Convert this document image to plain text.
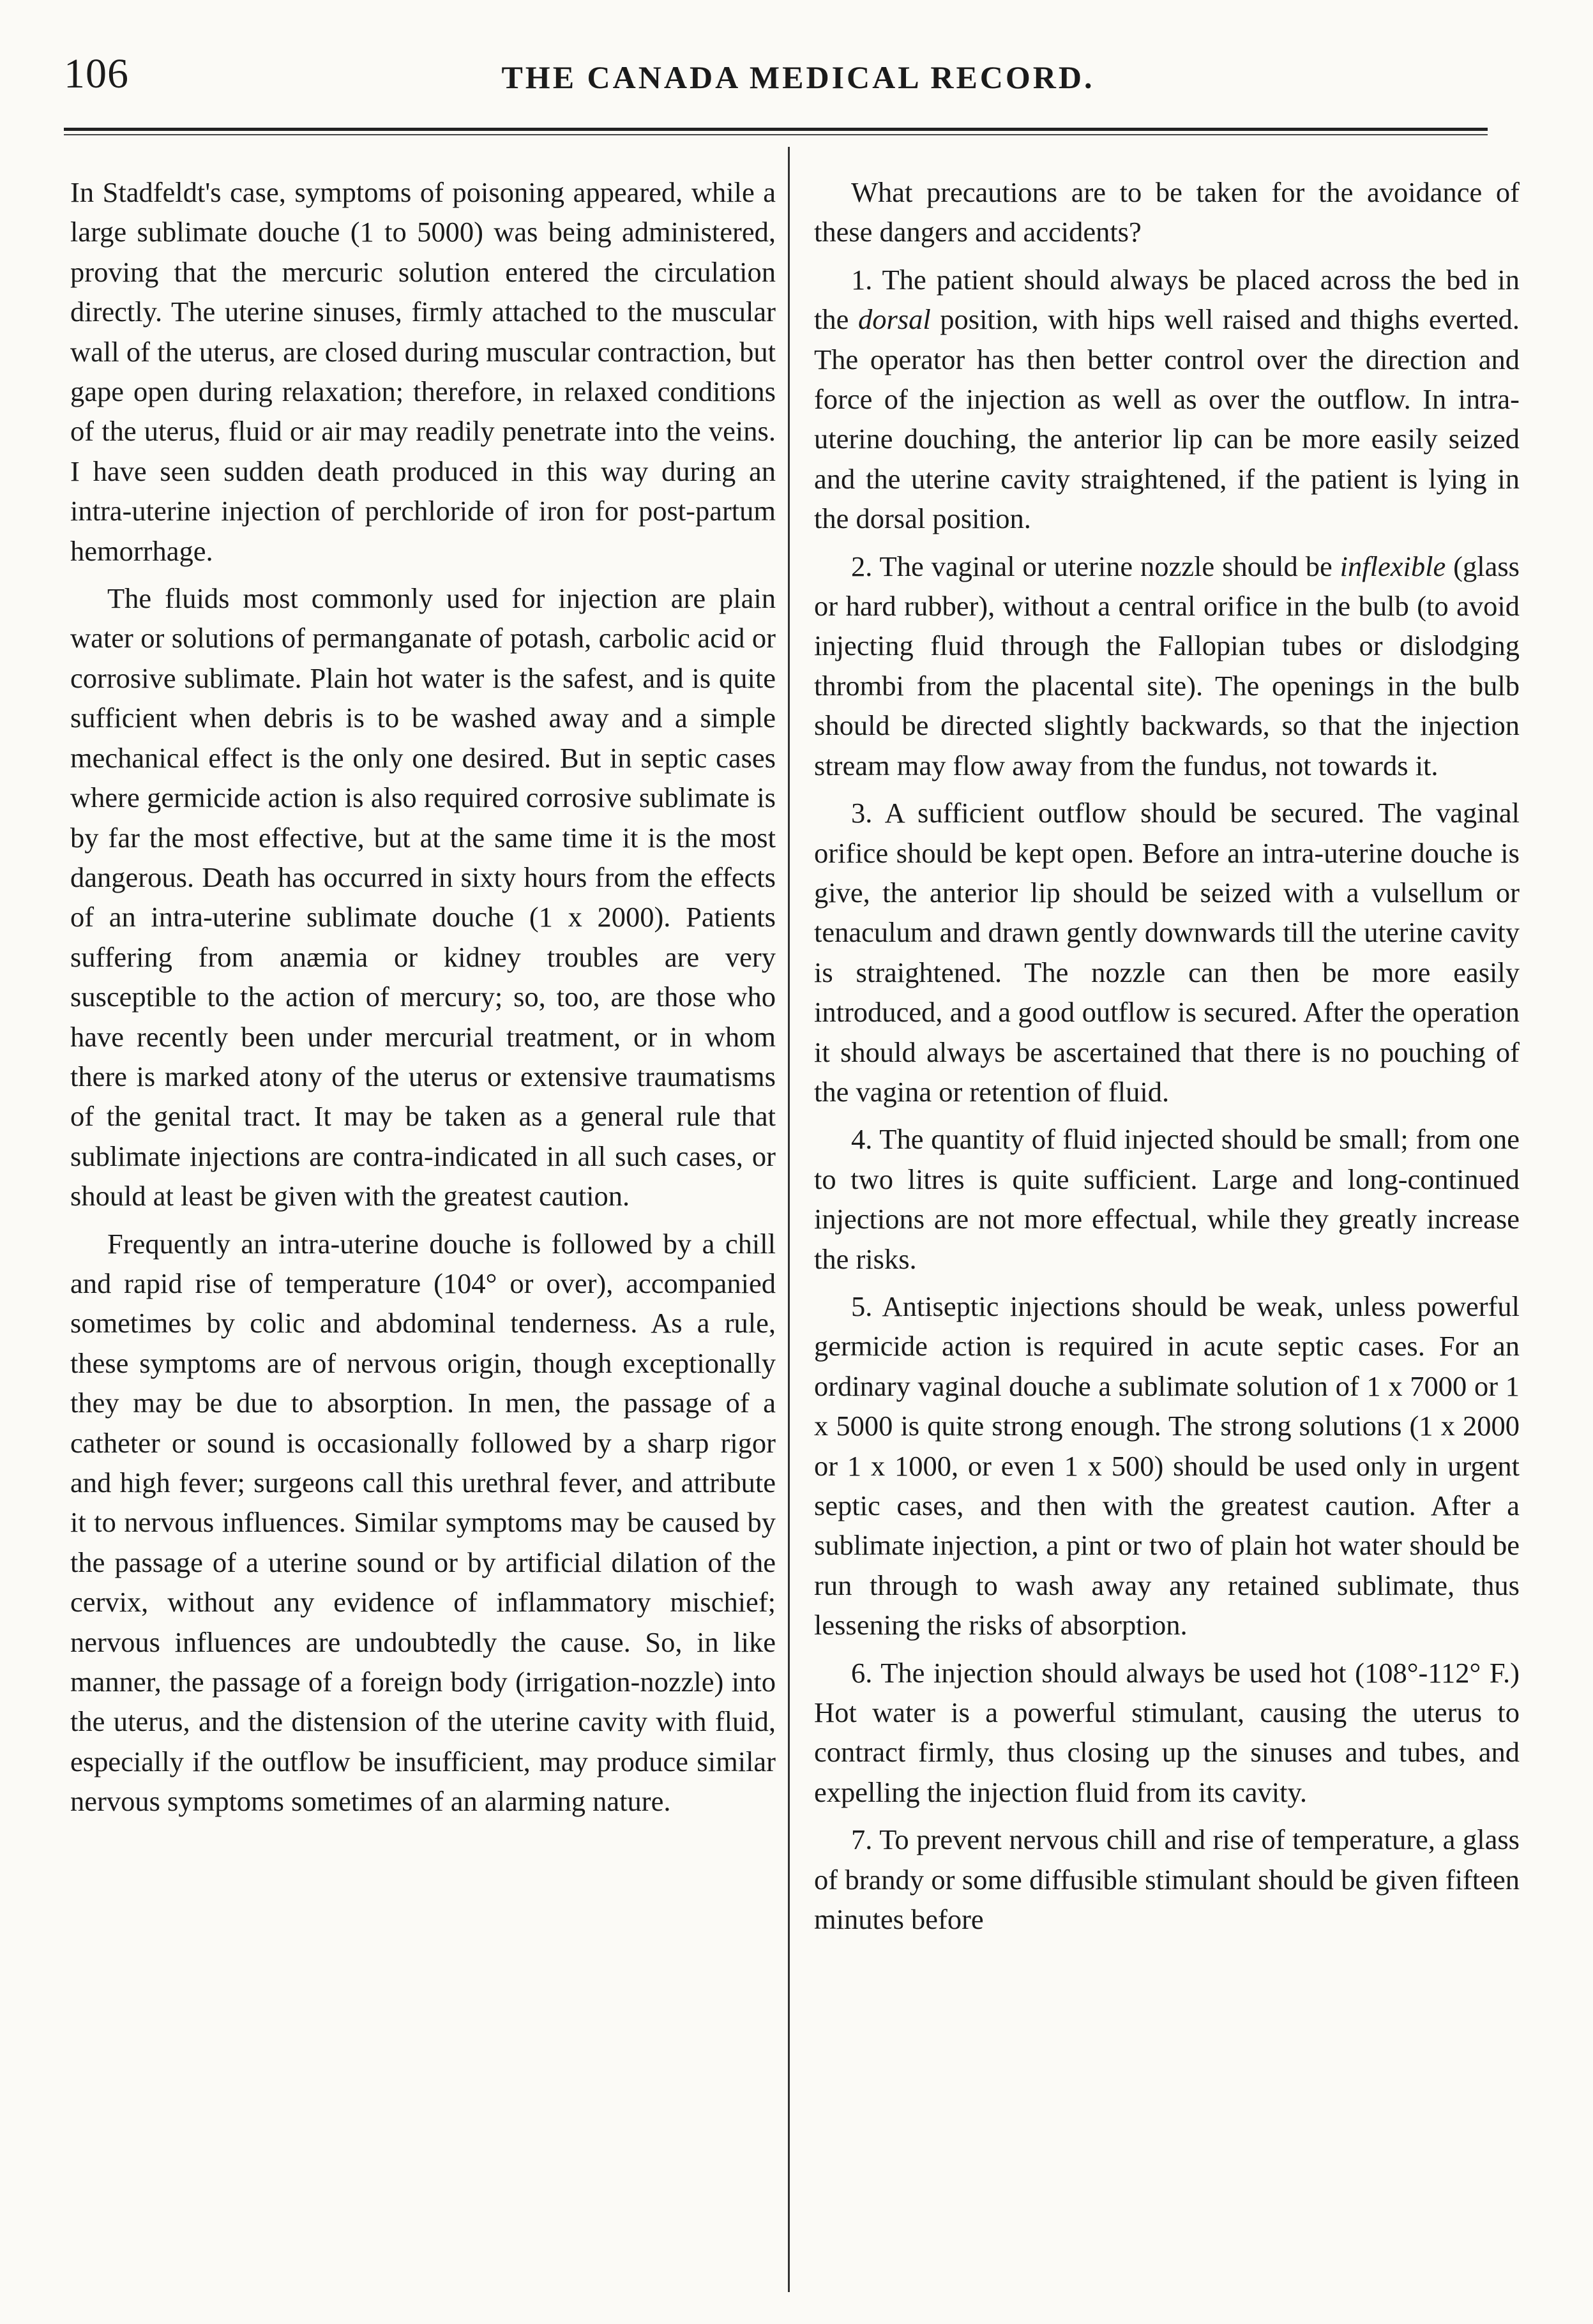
106	THE CANADA MEDICAL RECORD.

In Stadfeldt's case, symptoms of poisoning appeared, while a large sublimate douche (1 to 5000) was being administered, proving that the mercuric solution entered the circulation directly. The uterine sinuses, firmly attached to the muscular wall of the uterus, are closed during muscular contraction, but gape open during relaxation; therefore, in relaxed conditions of the uterus, fluid or air may readily penetrate into the veins. I have seen sudden death produced in this way during an intra-uterine injection of perchloride of iron for post-partum hemorrhage.

The fluids most commonly used for injection are plain water or solutions of permanganate of potash, carbolic acid or corrosive sublimate. Plain hot water is the safest, and is quite sufficient when debris is to be washed away and a simple mechanical effect is the only one desired. But in septic cases where germicide action is also required corrosive sublimate is by far the most effective, but at the same time it is the most dangerous. Death has occurred in sixty hours from the effects of an intra-uterine sublimate douche (1 x 2000). Patients suffering from anæmia or kidney troubles are very susceptible to the action of mercury; so, too, are those who have recently been under mercurial treatment, or in whom there is marked atony of the uterus or extensive traumatisms of the genital tract. It may be taken as a general rule that sublimate injections are contra-indicated in all such cases, or should at least be given with the greatest caution.

Frequently an intra-uterine douche is followed by a chill and rapid rise of temperature (104° or over), accompanied sometimes by colic and abdominal tenderness. As a rule, these symptoms are of nervous origin, though exceptionally they may be due to absorption. In men, the passage of a catheter or sound is occasionally followed by a sharp rigor and high fever; surgeons call this urethral fever, and attribute it to nervous influences. Similar symptoms may be caused by the passage of a uterine sound or by artificial dilation of the cervix, without any evidence of inflammatory mischief; nervous influences are undoubtedly the cause. So, in like manner, the passage of a foreign body (irrigation-nozzle) into the uterus, and the distension of the uterine cavity with fluid, especially if the outflow be insufficient, may produce similar nervous symptoms sometimes of an alarming nature.

What precautions are to be taken for the avoidance of these dangers and accidents?

1. The patient should always be placed across the bed in the dorsal position, with hips well raised and thighs everted. The operator has then better control over the direction and force of the injection as well as over the outflow. In intra-uterine douching, the anterior lip can be more easily seized and the uterine cavity straightened, if the patient is lying in the dorsal position.

2. The vaginal or uterine nozzle should be inflexible (glass or hard rubber), without a central orifice in the bulb (to avoid injecting fluid through the Fallopian tubes or dislodging thrombi from the placental site). The openings in the bulb should be directed slightly backwards, so that the injection stream may flow away from the fundus, not towards it.

3. A sufficient outflow should be secured. The vaginal orifice should be kept open. Before an intra-uterine douche is give, the anterior lip should be seized with a vulsellum or tenaculum and drawn gently downwards till the uterine cavity is straightened. The nozzle can then be more easily introduced, and a good outflow is secured. After the operation it should always be ascertained that there is no pouching of the vagina or retention of fluid.

4. The quantity of fluid injected should be small; from one to two litres is quite sufficient. Large and long-continued injections are not more effectual, while they greatly increase the risks.

5. Antiseptic injections should be weak, unless powerful germicide action is required in acute septic cases. For an ordinary vaginal douche a sublimate solution of 1 x 7000 or 1 x 5000 is quite strong enough. The strong solutions (1 x 2000 or 1 x 1000, or even 1 x 500) should be used only in urgent septic cases, and then with the greatest caution. After a sublimate injection, a pint or two of plain hot water should be run through to wash away any retained sublimate, thus lessening the risks of absorption.

6. The injection should always be used hot (108°-112° F.) Hot water is a powerful stimulant, causing the uterus to contract firmly, thus closing up the sinuses and tubes, and expelling the injection fluid from its cavity.

7. To prevent nervous chill and rise of temperature, a glass of brandy or some diffusible stimulant should be given fifteen minutes before
